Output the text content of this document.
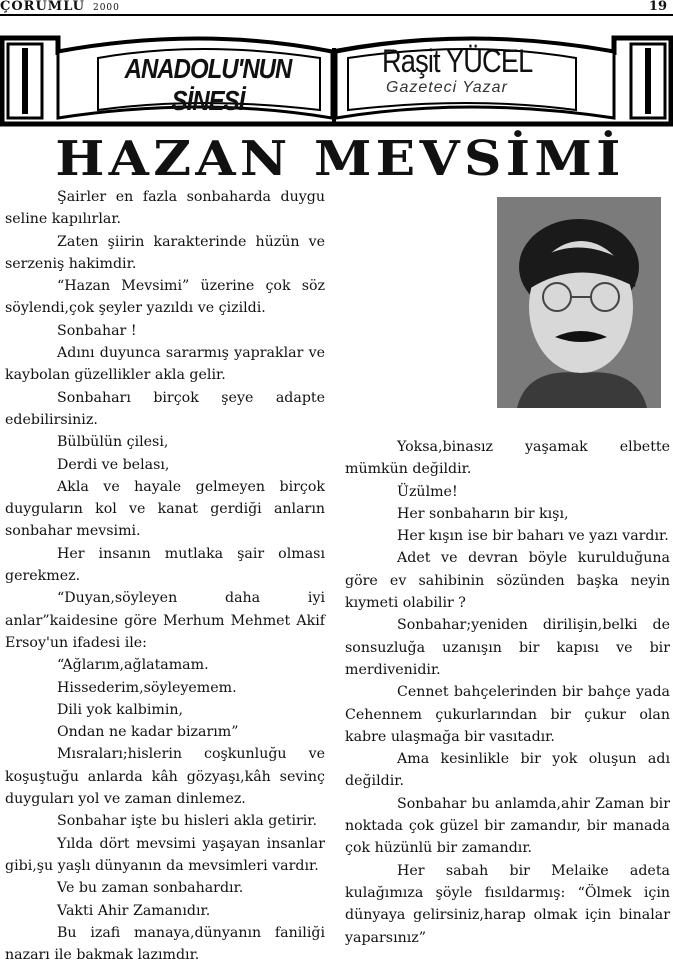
ÇORUMLU 2000	19
ANADOLU'NUN SİNESİ
Raşit YÜCEL
Gazeteci Yazar
HAZAN MEVSİMİ

Şairler en fazla sonbaharda duygu seline kapılırlar.

Zaten şiirin karakterinde hüzün ve serzeniş hakimdir.

“Hazan Mevsimi” üzerine çok söz söylendi,çok şeyler yazıldı ve çizildi.

Sonbahar !

Adını duyunca sararmış yapraklar ve kaybolan güzellikler akla gelir.

Sonbaharı birçok şeye adapte edebilirsiniz.

Bülbülün çilesi,

Derdi ve belası,

Akla ve hayale gelmeyen birçok duyguların kol ve kanat gerdiği anların sonbahar mevsimi.

Her insanın mutlaka şair olması gerekmez.

“Duyan,söyleyen daha iyi anlar”kaidesine göre Merhum Mehmet Akif Ersoy'un ifadesi ile:

“Ağlarım,ağlatamam.

Hissederim,söyleyemem.

Dili yok kalbimin,

Ondan ne kadar bizarım”

Mısraları;hislerin coşkunluğu ve koşuştuğu anlarda kâh gözyaşı,kâh sevinç duyguları yol ve zaman dinlemez.

Sonbahar işte bu hisleri akla getirir.

Yılda dört mevsimi yaşayan insanlar gibi,şu yaşlı dünyanın da mevsimleri vardır.

Ve bu zaman sonbahardır.

Vakti Ahir Zamanıdır.

Bu izafi manaya,dünyanın faniliği nazarı ile bakmak lazımdır.

Yoksa,binasız yaşamak elbette mümkün değildir.

Üzülme!

Her sonbaharın bir kışı,

Her kışın ise bir baharı ve yazı vardır.

Adet ve devran böyle kurulduğuna göre ev sahibinin sözünden başka neyin kıymeti olabilir ?

Sonbahar;yeniden dirilişin,belki de sonsuzluğa uzanışın bir kapısı ve bir merdivenidir.

Cennet bahçelerinden bir bahçe yada Cehennem çukurlarından bir çukur olan kabre ulaşmağa bir vasıtadır.

Ama kesinlikle bir yok oluşun adı değildir.

Sonbahar bu anlamda,ahir Zaman bir noktada çok güzel bir zamandır, bir manada çok hüzünlü bir zamandır.

Her sabah bir Melaike adeta kulağımıza şöyle fısıldarmış: “Ölmek için dünyaya gelirsiniz,harap olmak için binalar yaparsınız”
